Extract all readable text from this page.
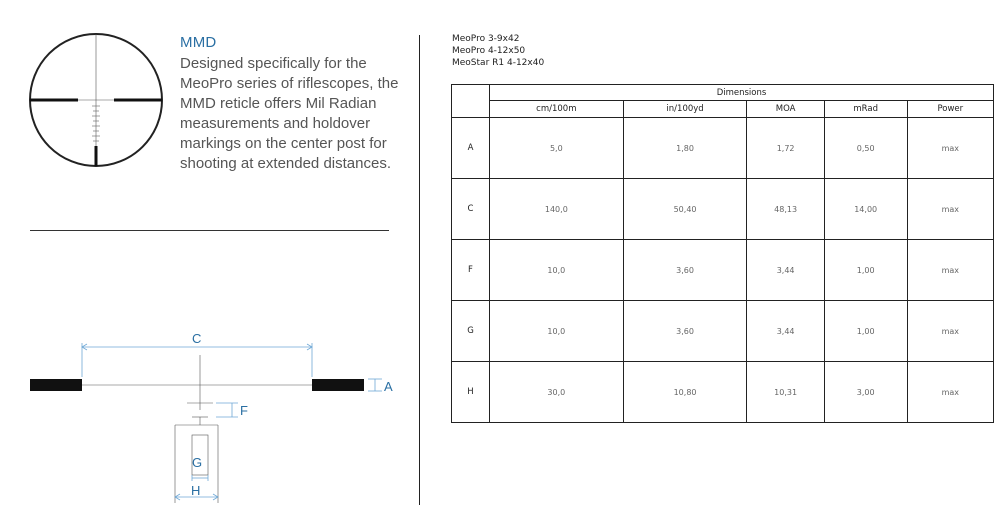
MMD
Designed specifically for the MeoPro series of riflescopes, the MMD reticle offers Mil Radian measurements and holdover markings on the center post for shooting at extended distances.
C
A
F
G
H
MeoPro 3-9x42
MeoPro 4-12x50
MeoStar R1 4-12x40
	Dimensions				
	cm/100m	in/100yd	MOA	mRad	Power
A	5,0	1,80	1,72	0,50	max
C	140,0	50,40	48,13	14,00	max
F	10,0	3,60	3,44	1,00	max
G	10,0	3,60	3,44	1,00	max
H	30,0	10,80	10,31	3,00	max
